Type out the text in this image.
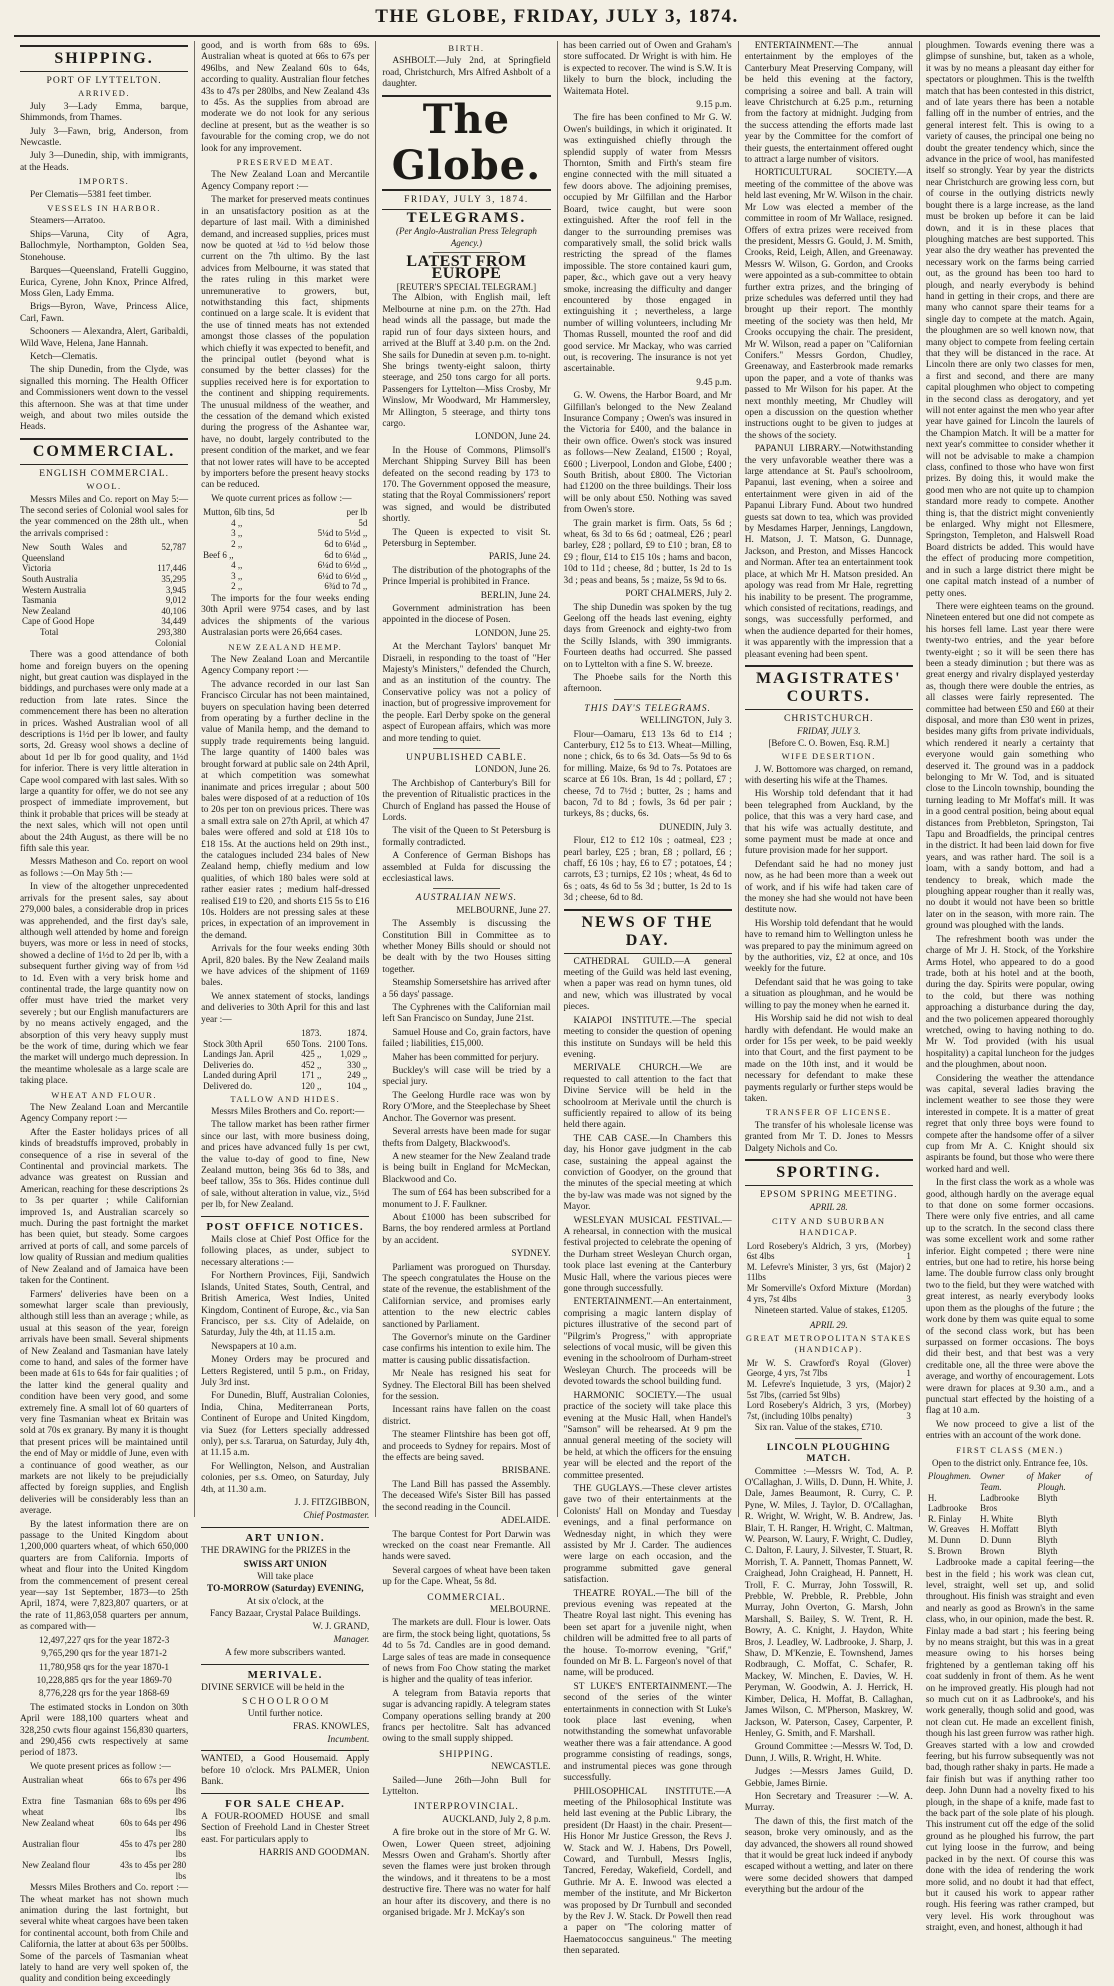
THE GLOBE, FRIDAY, JULY 3, 1874.
SHIPPING.
PORT OF LYTTELTON.
ARRIVED.

July 3—Lady Emma, barque, Shimmonds, from Thames.

July 3—Fawn, brig, Anderson, from Newcastle.

July 3—Dunedin, ship, with immigrants, at the Heads.

IMPORTS.

Per Clematis—5381 feet timber.

VESSELS IN HARBOR.

Steamers—Arratoo.

Ships—Varuna, City of Agra, Ballochmyle, Northampton, Golden Sea, Stonehouse.

Barques—Queensland, Fratelli Guggino, Eurica, Cyrene, John Knox, Prince Alfred, Moss Glen, Lady Emma.

Brigs—Byron, Wave, Princess Alice, Carl, Fawn.

Schooners — Alexandra, Alert, Garibaldi, Wild Wave, Helena, Jane Hannah.

Ketch—Clematis.

The ship Dunedin, from the Clyde, was signalled this morning. The Health Officer and Commissioners went down to the vessel this afternoon. She was at that time under weigh, and about two miles outside the Heads.

COMMERCIAL.
ENGLISH COMMERCIAL.
WOOL.

Messrs Miles and Co. report on May 5:—The second series of Colonial wool sales for the year commenced on the 28th ult., when the arrivals comprised :

New South Wales and Queensland	52,787
Victoria	117,446
South Australia	35,295
Western Australia	3,945
Tasmania	9,012
New Zealand	40,106
Cape of Good Hope	34,449
Total	293,380 Colonial

There was a good attendance of both home and foreign buyers on the opening night, but great caution was displayed in the biddings, and purchases were only made at a reduction from late rates. Since the commencement there has been no alteration in prices. Washed Australian wool of all descriptions is 1½d per lb lower, and faulty sorts, 2d. Greasy wool shows a decline of about 1d per lb for good quality, and 1½d for inferior. There is very little alteration in Cape wool compared with last sales. With so large a quantity for offer, we do not see any prospect of immediate improvement, but think it probable that prices will be steady at the next sales, which will not open until about the 24th August, as there will be no fifth sale this year.

Messrs Matheson and Co. report on wool as follows :—On May 5th :—

In view of the altogether unprecedented arrivals for the present sales, say about 279,000 bales, a considerable drop in prices was apprehended, and the first day's sale, although well attended by home and foreign buyers, was more or less in need of stocks, showed a decline of 1½d to 2d per lb, with a subsequent further giving way of from ½d to 1d. Even with a very brisk home and continental trade, the large quantity now on offer must have tried the market very severely ; but our English manufacturers are by no means actively engaged, and the absorption of this very heavy supply must be the work of time, during which we fear the market will undergo much depression. In the meantime wholesale as a large scale are taking place.

WHEAT AND FLOUR.

The New Zealand Loan and Mercantile Agency Company report :—

After the Easter holidays prices of all kinds of breadstuffs improved, probably in consequence of a rise in several of the Continental and provincial markets. The advance was greatest on Russian and American, reaching for these descriptions 2s to 3s per quarter ; while Californian improved 1s, and Australian scarcely so much. During the past fortnight the market has been quiet, but steady. Some cargoes arrived at ports of call, and some parcels of low quality of Russian and medium qualities of New Zealand and of Jamaica have been taken for the Continent.

Farmers' deliveries have been on a somewhat larger scale than previously, although still less than an average ; while, as usual at this season of the year, foreign arrivals have been small. Several shipments of New Zealand and Tasmanian have lately come to hand, and sales of the former have been made at 61s to 64s for fair qualities ; of the latter kind the general quality and condition have been very good, and some extremely fine. A small lot of 60 quarters of very fine Tasmanian wheat ex Britain was sold at 70s ex granary. By many it is thought that present prices will be maintained until the end of May or middle of June, even with a continuance of good weather, as our markets are not likely to be prejudicially affected by foreign supplies, and English deliveries will be considerably less than an average.

By the latest information there are on passage to the United Kingdom about 1,200,000 quarters wheat, of which 650,000 quarters are from California. Imports of wheat and flour into the United Kingdom from the commencement of present cereal year—say 1st September, 1873—to 25th April, 1874, were 7,823,807 quarters, or at the rate of 11,863,058 quarters per annum, as compared with—

12,497,227 qrs for the year 1872-3

9,765,290 qrs for the year 1871-2

11,780,958 qrs for the year 1870-1

10,228,885 qrs for the year 1869-70

8,776,228 qrs for the year 1868-69

The estimated stocks in London on 30th April were 188,100 quarters wheat and 328,250 cwts flour against 156,830 quarters, and 290,456 cwts respectively at same period of 1873.

We quote present prices as follow :—

Australian wheat	66s to 67s per 496 lbs
Extra fine Tasmanian wheat	68s to 69s per 496 lbs
New Zealand wheat	60s to 64s per 496 lbs
Australian flour	45s to 47s per 280 lbs
New Zealand flour	43s to 45s per 280 lbs

Messrs Miles Brothers and Co. report :— The wheat market has not shown much animation during the last fortnight, but several white wheat cargoes have been taken for continental account, both from Chile and California, the latter at about 63s per 500lbs. Some of the parcels of Tasmanian wheat lately to hand are very well spoken of, the quality and condition being exceedingly

good, and is worth from 68s to 69s. Australian wheat is quoted at 66s to 67s per 496lbs, and New Zealand 60s to 64s, according to quality. Australian flour fetches 43s to 47s per 280lbs, and New Zealand 43s to 45s. As the supplies from abroad are moderate we do not look for any serious decline at present, but as the weather is so favourable for the coming crop, we do not look for any improvement.

PRESERVED MEAT.

The New Zealand Loan and Mercantile Agency Company report :—

The market for preserved meats continues in an unsatisfactory position as at the departure of last mail. With a diminished demand, and increased supplies, prices must now be quoted at ¼d to ½d below those current on the 7th ultimo. By the last advices from Melbourne, it was stated that the rates ruling in this market were unremunerative to growers, but, notwithstanding this fact, shipments continued on a large scale. It is evident that the use of tinned meats has not extended amongst those classes of the population which chiefly it was expected to benefit, and the principal outlet (beyond what is consumed by the better classes) for the supplies received here is for exportation to the continent and shipping requirements. The unusual mildness of the weather, and the cessation of the demand which existed during the progress of the Ashantee war, have, no doubt, largely contributed to the present condition of the market, and we fear that not lower rates will have to be accepted by importers before the present heavy stocks can be reduced.

We quote current prices as follow :—

Mutton, 6lb tins, 5d	per lb
4 ,,	5d
3 ,,	5¼d to 5½d ,,
2 ,,	6d to 6¼d ,,
Beef 6 ,,	6d to 6¼d ,,
4 ,,	6¼d to 6½d ,,
3 ,,	6¼d to 6½d ,,
2 ,,	6¾d to 7d ,,

The imports for the four weeks ending 30th April were 9754 cases, and by last advices the shipments of the various Australasian ports were 26,664 cases.

NEW ZEALAND HEMP.

The New Zealand Loan and Mercantile Agency Company report :—

The advance recorded in our last San Francisco Circular has not been maintained, buyers on speculation having been deterred from operating by a further decline in the value of Manila hemp, and the demand to supply trade requirements being languid. The large quantity of 1400 bales was brought forward at public sale on 24th April, at which competition was somewhat inanimate and prices irregular ; about 500 bales were disposed of at a reduction of 10s to 20s per ton on previous prices. There was a small extra sale on 27th April, at which 47 bales were offered and sold at £18 10s to £18 15s. At the auctions held on 29th inst., the catalogues included 234 bales of New Zealand hemp, chiefly medium and low qualities, of which 180 bales were sold at rather easier rates ; medium half-dressed realised £19 to £20, and shorts £15 5s to £16 10s. Holders are not pressing sales at these prices, in expectation of an improvement in the demand.

Arrivals for the four weeks ending 30th April, 820 bales. By the New Zealand mails we have advices of the shipment of 1169 bales.

We annex statement of stocks, landings and deliveries to 30th April for this and last year :—

	1873.	1874.
Stock 30th April	650 Tons.	2100 Tons.
Landings Jan. April	425 ,,	1,029 ,,
Deliveries do.	452 ,,	330 ,,
Landed during April	171 ,,	249 ,,
Delivered do.	120 ,,	104 ,,
TALLOW AND HIDES.

Messrs Miles Brothers and Co. report:—

The tallow market has been rather firmer since our last, with more business doing, and prices have advanced fully 1s per cwt, the value to-day of good to fine, New Zealand mutton, being 36s 6d to 38s, and beef tallow, 35s to 36s. Hides continue dull of sale, without alteration in value, viz., 5½d per lb, for New Zealand.

POST OFFICE NOTICES.

Mails close at Chief Post Office for the following places, as under, subject to necessary alterations :—

For Northern Provinces, Fiji, Sandwich Islands, United States, South, Central, and British America, West Indies, United Kingdom, Continent of Europe, &c., via San Francisco, per s.s. City of Adelaide, on Saturday, July the 4th, at 11.15 a.m.

Newspapers at 10 a.m.

Money Orders may be procured and Letters Registered, until 5 p.m., on Friday, July 3rd inst.

For Dunedin, Bluff, Australian Colonies, India, China, Mediterranean Ports, Continent of Europe and United Kingdom, via Suez (for Letters specially addressed only), per s.s. Tararua, on Saturday, July 4th, at 11.15 a.m.

For Wellington, Nelson, and Australian colonies, per s.s. Omeo, on Saturday, July 4th, at 11.30 a.m.

J. J. FITZGIBBON,

Chief Postmaster.

ART UNION.

THE DRAWING for the PRIZES in the

SWISS ART UNION
Will take place
TO-MORROW (Saturday) EVENING,
At six o'clock, at the
Fancy Bazaar, Crystal Palace Buildings.

W. J. GRAND,

Manager.

A few more subscribers wanted.
MERIVALE.

DIVINE SERVICE will be held in the

S C H O O L R O O M
Until further notice.

FRAS. KNOWLES,

Incumbent.

WANTED, a Good Housemaid. Apply before 10 o'clock. Mrs PALMER, Union Bank.

FOR SALE CHEAP.

A FOUR-ROOMED HOUSE and small Section of Freehold Land in Chester Street east. For particulars apply to

HARRIS AND GOODMAN.

BIRTH.

ASHBOLT.—July 2nd, at Springfield road, Christchurch, Mrs Alfred Ashbolt of a daughter.

The Globe.
FRIDAY, JULY 3, 1874.
TELEGRAMS.
(Per Anglo-Australian Press Telegraph Agency.)
LATEST FROM EUROPE
[REUTER'S SPECIAL TELEGRAM.]

The Albion, with English mail, left Melbourne at nine p.m. on the 27th. Had head winds all the passage, but made the rapid run of four days sixteen hours, and arrived at the Bluff at 3.40 p.m. on the 2nd. She sails for Dunedin at seven p.m. to-night. She brings twenty-eight saloon, thirty steerage, and 250 tons cargo for all ports. Passengers for Lyttelton—Miss Crosby, Mr Winslow, Mr Woodward, Mr Hammersley, Mr Allington, 5 steerage, and thirty tons cargo.

LONDON, June 24.

In the House of Commons, Plimsoll's Merchant Shipping Survey Bill has been defeated on the second reading by 173 to 170. The Government opposed the measure, stating that the Royal Commissioners' report was signed, and would be distributed shortly.

The Queen is expected to visit St. Petersburg in September.

PARIS, June 24.

The distribution of the photographs of the Prince Imperial is prohibited in France.

BERLIN, June 24.

Government administration has been appointed in the diocese of Posen.

LONDON, June 25.

At the Merchant Taylors' banquet Mr Disraeli, in responding to the toast of "Her Majesty's Ministers," defended the Church, and as an institution of the country. The Conservative policy was not a policy of inaction, but of progressive improvement for the people. Earl Derby spoke on the general aspect of European affairs, which was more and more tending to quiet.

UNPUBLISHED CABLE.

LONDON, June 26.

The Archbishop of Canterbury's Bill for the prevention of Ritualistic practices in the Church of England has passed the House of Lords.

The visit of the Queen to St Petersburg is formally contradicted.

A Conference of German Bishops has assembled at Fulda for discussing the ecclesiastical laws.

AUSTRALIAN NEWS.

MELBOURNE, June 27.

The Assembly is discussing the Constitution Bill in Committee as to whether Money Bills should or should not be dealt with by the two Houses sitting together.

Steamship Somersetshire has arrived after a 56 days' passage.

The Cyphrenes with the Californian mail left San Francisco on Sunday, June 21st.

Samuel House and Co, grain factors, have failed ; liabilities, £15,000.

Maher has been committed for perjury.

Buckley's will case will be tried by a special jury.

The Geelong Hurdle race was won by Rory O'More, and the Steeplechase by Sheet Anchor. The Governor was present.

Several arrests have been made for sugar thefts from Dalgety, Blackwood's.

A new steamer for the New Zealand trade is being built in England for McMeckan, Blackwood and Co.

The sum of £64 has been subscribed for a monument to J. F. Faulkner.

About £1000 has been subscribed for Barns, the boy rendered armless at Portland by an accident.

SYDNEY.

Parliament was prorogued on Thursday. The speech congratulates the House on the state of the revenue, the establishment of the Californian service, and promises early attention to the new electric cables sanctioned by Parliament.

The Governor's minute on the Gardiner case confirms his intention to exile him. The matter is causing public dissatisfaction.

Mr Neale has resigned his seat for Sydney. The Electoral Bill has been shelved for the session.

Incessant rains have fallen on the coast district.

The steamer Flintshire has been got off, and proceeds to Sydney for repairs. Most of the effects are being saved.

BRISBANE.

The Land Bill has passed the Assembly. The deceased Wife's Sister Bill has passed the second reading in the Council.

ADELAIDE.

The barque Contest for Port Darwin was wrecked on the coast near Fremantle. All hands were saved.

Several cargoes of wheat have been taken up for the Cape. Wheat, 5s 8d.

COMMERCIAL.

MELBOURNE.

The markets are dull. Flour is lower. Oats are firm, the stock being light, quotations, 5s 4d to 5s 7d. Candles are in good demand. Large sales of teas are made in consequence of news from Foo Chow stating the market is higher and the quality of teas inferior.

A telegram from Batavia reports that sugar is advancing rapidly. A telegram states Company operations selling brandy at 200 francs per hectolitre. Salt has advanced owing to the small supply shipped.

SHIPPING.

NEWCASTLE.

Sailed—June 26th—John Bull for Lyttelton.

INTERPROVINCIAL.

AUCKLAND, July 2, 8 p.m.

A fire broke out in the store of Mr G. W. Owen, Lower Queen street, adjoining Messrs Owen and Graham's. Shortly after seven the flames were just broken through the windows, and it threatens to be a most destructive fire. There was no water for half an hour after its discovery, and there is no organised brigade. Mr J. McKay's son

has been carried out of Owen and Graham's store suffocated. Dr Wright is with him. He is expected to recover. The wind is S.W. It is likely to burn the block, including the Waitemata Hotel.

9.15 p.m.

The fire has been confined to Mr G. W. Owen's buildings, in which it originated. It was extinguished chiefly through the splendid supply of water from Messrs Thornton, Smith and Firth's steam fire engine connected with the mill situated a few doors above. The adjoining premises, occupied by Mr Gilfillan and the Harbor Board, twice caught, but were soon extinguished. After the roof fell in the danger to the surrounding premises was comparatively small, the solid brick walls restricting the spread of the flames impossible. The store contained kauri gum, paper, &c., which gave out a very heavy smoke, increasing the difficulty and danger encountered by those engaged in extinguishing it ; nevertheless, a large number of willing volunteers, including Mr Thomas Russell, mounted the roof and did good service. Mr Mackay, who was carried out, is recovering. The insurance is not yet ascertainable.

9.45 p.m.

G. W. Owens, the Harbor Board, and Mr Gilfillan's belonged to the New Zealand Insurance Company ; Owen's was insured in the Victoria for £400, and the balance in their own office. Owen's stock was insured as follows—New Zealand, £1500 ; Royal, £600 ; Liverpool, London and Globe, £400 ; South British, about £800. The Victorian had £1200 on the three buildings. Their loss will be only about £50. Nothing was saved from Owen's store.

The grain market is firm. Oats, 5s 6d ; wheat, 6s 3d to 6s 6d ; oatmeal, £26 ; pearl barley, £28 ; pollard, £9 to £10 ; bran, £8 to £9 ; flour, £14 to £15 10s ; hams and bacon, 10d to 11d ; cheese, 8d ; butter, 1s 2d to 1s 3d ; peas and beans, 5s ; maize, 5s 9d to 6s.

PORT CHALMERS, July 2.

The ship Dunedin was spoken by the tug Geelong off the heads last evening, eighty days from Greenock and eighty-two from the Scilly Islands, with 390 immigrants. Fourteen deaths had occurred. She passed on to Lyttelton with a fine S. W. breeze.

The Phoebe sails for the North this afternoon.

THIS DAY'S TELEGRAMS.

WELLINGTON, July 3.

Flour—Oamaru, £13 13s 6d to £14 ; Canterbury, £12 5s to £13. Wheat—Milling, none ; chick, 6s to 6s 3d. Oats—5s 9d to 6s for milling. Maize, 6s 9d to 7s. Potatoes are scarce at £6 10s. Bran, 1s 4d ; pollard, £7 ; cheese, 7d to 7½d ; butter, 2s ; hams and bacon, 7d to 8d ; fowls, 3s 6d per pair ; turkeys, 8s ; ducks, 6s.

DUNEDIN, July 3.

Flour, £12 to £12 10s ; oatmeal, £23 ; pearl barley, £25 ; bran, £8 ; pollard, £6 ; chaff, £6 10s ; hay, £6 to £7 ; potatoes, £4 ; carrots, £3 ; turnips, £2 10s ; wheat, 4s 6d to 6s ; oats, 4s 6d to 5s 3d ; butter, 1s 2d to 1s 3d ; cheese, 6d to 8d.

NEWS OF THE DAY.

CATHEDRAL GUILD.—A general meeting of the Guild was held last evening, when a paper was read on hymn tunes, old and new, which was illustrated by vocal pieces.

KAIAPOI INSTITUTE.—The special meeting to consider the question of opening this institute on Sundays will be held this evening.

MERIVALE CHURCH.—We are requested to call attention to the fact that Divine Service will be held in the schoolroom at Merivale until the church is sufficiently repaired to allow of its being held there again.

THE CAB CASE.—In Chambers this day, his Honor gave judgment in the cab case, sustaining the appeal against the conviction of Goodyer, on the ground that the minutes of the special meeting at which the by-law was made was not signed by the Mayor.

WESLEYAN MUSICAL FESTIVAL.—A rehearsal, in connection with the musical festival projected to celebrate the opening of the Durham street Wesleyan Church organ, took place last evening at the Canterbury Music Hall, where the various pieces were gone through successfully.

ENTERTAINMENT.—An entertainment, comprising a magic lantern display of pictures illustrative of the second part of "Pilgrim's Progress," with appropriate selections of vocal music, will be given this evening in the schoolroom of Durham-street Wesleyan Church. The proceeds will be devoted towards the school building fund.

HARMONIC SOCIETY.—The usual practice of the society will take place this evening at the Music Hall, when Handel's "Samson" will be rehearsed. At 9 pm the annual general meeting of the society will be held, at which the officers for the ensuing year will be elected and the report of the committee presented.

THE GUGLAYS.—These clever artistes gave two of their entertainments at the Colonists' Hall on Monday and Tuesday evenings, and a final performance on Wednesday night, in which they were assisted by Mr J. Carder. The audiences were large on each occasion, and the programme submitted gave general satisfaction.

THEATRE ROYAL.—The bill of the previous evening was repeated at the Theatre Royal last night. This evening has been set apart for a juvenile night, when children will be admitted free to all parts of the house. To-morrow evening, "Grif," founded on Mr B. L. Fargeon's novel of that name, will be produced.

ST LUKE'S ENTERTAINMENT.—The second of the series of the winter entertainments in connection with St Luke's took place last evening, when notwithstanding the somewhat unfavorable weather there was a fair attendance. A good programme consisting of readings, songs, and instrumental pieces was gone through successfully.

PHILOSOPHICAL INSTITUTE.—A meeting of the Philosophical Institute was held last evening at the Public Library, the president (Dr Haast) in the chair. Present—His Honor Mr Justice Gresson, the Revs J. W. Stack and W. J. Habens, Drs Powell, Coward, and Turnbull, Messrs Inglis, Tancred, Fereday, Wakefield, Cordell, and Guthrie. Mr A. E. Inwood was elected a member of the institute, and Mr Bickerton was proposed by Dr Turnbull and seconded by the Rev J. W. Stack. Dr Powell then read a paper on "The coloring matter of Haematococcus sanguineus." The meeting then separated.

ENTERTAINMENT.—The annual entertainment by the employes of the Canterbury Meat Preserving Company, will be held this evening at the factory, comprising a soiree and ball. A train will leave Christchurch at 6.25 p.m., returning from the factory at midnight. Judging from the success attending the efforts made last year by the Committee for the comfort of their guests, the entertainment offered ought to attract a large number of visitors.

HORTICULTURAL SOCIETY.—A meeting of the committee of the above was held last evening, Mr W. Wilson in the chair. Mr Low was elected a member of the committee in room of Mr Wallace, resigned. Offers of extra prizes were received from the president, Messrs G. Gould, J. M. Smith, Crooks, Reid, Leigh, Allen, and Greenaway. Messrs W. Wilson, G. Gordon, and Crooks were appointed as a sub-committee to obtain further extra prizes, and the bringing of prize schedules was deferred until they had brought up their report. The monthly meeting of the society was then held, Mr Crooks occupying the chair. The president, Mr W. Wilson, read a paper on "Californian Conifers." Messrs Gordon, Chudley, Greenaway, and Easterbrook made remarks upon the paper, and a vote of thanks was passed to Mr Wilson for his paper. At the next monthly meeting, Mr Chudley will open a discussion on the question whether instructions ought to be given to judges at the shows of the society.

PAPANUI LIBRARY.—Notwithstanding the very unfavorable weather there was a large attendance at St. Paul's schoolroom, Papanui, last evening, when a soiree and entertainment were given in aid of the Papanui Library Fund. About two hundred guests sat down to tea, which was provided by Mesdames Harper, Jennings, Langdown, H. Matson, J. T. Matson, G. Dunnage, Jackson, and Preston, and Misses Hancock and Norman. After tea an entertainment took place, at which Mr H. Matson presided. An apology was read from Mr Hale, regretting his inability to be present. The programme, which consisted of recitations, readings, and songs, was successfully performed, and when the audience departed for their homes, it was apparently with the impression that a pleasant evening had been spent.

MAGISTRATES' COURTS.
CHRISTCHURCH.
FRIDAY, JULY 3.
[Before C. O. Bowen, Esq. R.M.]
WIFE DESERTION.

J. W. Bottomore was charged, on remand, with deserting his wife at the Thames.

His Worship told defendant that it had been telegraphed from Auckland, by the police, that this was a very hard case, and that his wife was actually destitute, and some payment must be made at once and future provision made for her support.

Defendant said he had no money just now, as he had been more than a week out of work, and if his wife had taken care of the money she had she would not have been destitute now.

His Worship told defendant that he would have to remand him to Wellington unless he was prepared to pay the minimum agreed on by the authorities, viz, £2 at once, and 10s weekly for the future.

Defendant said that he was going to take a situation as ploughman, and he would be willing to pay the money when he earned it.

His Worship said he did not wish to deal hardly with defendant. He would make an order for 15s per week, to be paid weekly into that Court, and the first payment to be made on the 10th inst, and it would be necessary for defendant to make these payments regularly or further steps would be taken.

TRANSFER OF LICENSE.

The transfer of his wholesale license was granted from Mr T. D. Jones to Messrs Dalgety Nichols and Co.

SPORTING.
EPSOM SPRING MEETING.
APRIL 28.
CITY AND SUBURBAN HANDICAP.
Lord Rosebery's Aldrich, 3 yrs, 6st 4lbs	(Morbey) 1
M. Lefevre's Minister, 3 yrs, 6st 11lbs	(Major) 2
Mr Somerville's Oxford Mixture 4 yrs, 7st 4lbs	(Mordan) 3

Nineteen started. Value of stakes, £1205.

APRIL 29.
GREAT METROPOLITAN STAKES (HANDICAP).
Mr W. S. Crawford's Royal George, 4 yrs, 7st 7lbs	(Glover) 1
M. Lefevre's Inquietude, 3 yrs, 5st 7lbs, (carried 5st 9lbs)	(Major) 2
Lord Rosebery's Aldrich, 3 yrs, 7st, (including 10lbs penalty)	(Morbey) 3

Six ran. Value of the stakes, £710.

LINCOLN PLOUGHING MATCH.

Committee :—Messrs W. Tod, A. P. O'Callaghan, J. Wills, D. Dunn, H. White, J. Dale, James Beaumont, R. Curry, C. P. Pyne, W. Miles, J. Taylor, D. O'Callaghan, R. Wright, W. Wright, W. B. Andrew, Jas. Blair, T. H. Ranger, H. Wright, C. Maltman, W. Pearson, W. Laury, F. Wright, C. Dudley, C. Dalton, F. Laury, J. Silvester, T. Stuart, R. Morrish, T. A. Pannett, Thomas Pannett, W. Craighead, John Craighead, H. Pannett, H. Troll, F. C. Murray, John Tosswill, R. Prebble, W. Prebble, R. Prebble, John Murray, John Overton, G. Marsh, John Marshall, S. Bailey, S. W. Trent, R. H. Bowry, A. C. Knight, J. Haydon, White Bros, J. Leadley, W. Ladbrooke, J. Sharp, J. Shaw, D. M'Kenzie, E. Townshend, James Rodbraugh, C. Moffat, C. Schafer, R. Mackey, W. Minchen, E. Davies, W. H. Peryman, W. Goodwin, A. J. Herrick, H. Kimber, Delica, H. Moffat, B. Callaghan, James Wilson, C. M'Pherson, Maskrey, W. Jackson, W. Paterson, Casey, Carpenter, P. Henley, G. Smith, and F. Marshall.

Ground Committee :—Messrs W. Tod, D. Dunn, J. Wills, R. Wright, H. White.

Judges :—Messrs James Guild, D. Gebbie, James Birnie.

Hon Secretary and Treasurer :—W. A. Murray.

The dawn of this, the first match of the season, broke very ominously, and as the day advanced, the showers all round showed that it would be great luck indeed if anybody escaped without a wetting, and later on there were some decided showers that damped everything but the ardour of the

ploughmen. Towards evening there was a glimpse of sunshine, but, taken as a whole, it was by no means a pleasant day either for spectators or ploughmen. This is the twelfth match that has been contested in this district, and of late years there has been a notable falling off in the number of entries, and the general interest felt. This is owing to a variety of causes, the principal one being no doubt the greater tendency which, since the advance in the price of wool, has manifested itself so strongly. Year by year the districts near Christchurch are growing less corn, but of course in the outlying districts newly bought there is a large increase, as the land must be broken up before it can be laid down, and it is in these places that ploughing matches are best supported. This year also the dry weather has prevented the necessary work on the farms being carried out, as the ground has been too hard to plough, and nearly everybody is behind hand in getting in their crops, and there are many who cannot spare their teams for a single day to compete at the match. Again, the ploughmen are so well known now, that many object to compete from feeling certain that they will be distanced in the race. At Lincoln there are only two classes for men, a first and second, and there are many capital ploughmen who object to competing in the second class as derogatory, and yet will not enter against the men who year after year have gained for Lincoln the laurels of the Champion Match. It will be a matter for next year's committee to consider whether it will not be advisable to make a champion class, confined to those who have won first prizes. By doing this, it would make the good men who are not quite up to champion standard more ready to compete. Another thing is, that the district might conveniently be enlarged. Why might not Ellesmere, Springston, Templeton, and Halswell Road Board districts be added. This would have the effect of producing more competition, and in such a large district there might be one capital match instead of a number of petty ones.

There were eighteen teams on the ground. Nineteen entered but one did not compete as his horses fell lame. Last year there were twenty-two entries, and the year before twenty-eight ; so it will be seen there has been a steady diminution ; but there was as great energy and rivalry displayed yesterday as, though there were double the entries, as all classes were fairly represented. The committee had between £50 and £60 at their disposal, and more than £30 went in prizes, besides many gifts from private individuals, which rendered it nearly a certainty that everyone would gain something who deserved it. The ground was in a paddock belonging to Mr W. Tod, and is situated close to the Lincoln township, bounding the turning leading to Mr Moffat's mill. It was in a good central position, being about equal distances from Prebbleton, Springston, Tai Tapu and Broadfields, the principal centres in the district. It had been laid down for five years, and was rather hard. The soil is a loam, with a sandy bottom, and had a tendency to break, which made the ploughing appear rougher than it really was, no doubt it would not have been so brittle later on in the season, with more rain. The ground was ploughed with the lands.

The refreshment booth was under the charge of Mr J. H. Stock, of the Yorkshire Arms Hotel, who appeared to do a good trade, both at his hotel and at the booth, during the day. Spirits were popular, owing to the cold, but there was nothing approaching a disturbance during the day, and the two policemen appeared thoroughly wretched, owing to having nothing to do. Mr W. Tod provided (with his usual hospitality) a capital luncheon for the judges and the ploughmen, about noon.

Considering the weather the attendance was capital, several ladies braving the inclement weather to see those they were interested in compete. It is a matter of great regret that only three boys were found to compete after the handsome offer of a silver cup from Mr A. C. Knight should six aspirants be found, but those who were there worked hard and well.

In the first class the work as a whole was good, although hardly on the average equal to that done on some former occasions. There were only five entries, and all came up to the scratch. In the second class there was some excellent work and some rather inferior. Eight competed ; there were nine entries, but one had to retire, his horse being lame. The double furrow class only brought two to the field, but they were watched with great interest, as nearly everybody looks upon them as the ploughs of the future ; the work done by them was quite equal to some of the second class work, but has been surpassed on former occasions. The boys did their best, and that best was a very creditable one, all the three were above the average, and worthy of encouragement. Lots were drawn for places at 9.30 a.m., and a punctual start effected by the hoisting of a flag at 10 a.m.

We now proceed to give a list of the entries with an account of the work done.

FIRST CLASS (MEN.)
Open to the district only. Entrance fee, 10s.
Ploughmen.	Owner of Team.	Maker of Plough.
H. Ladbrooke	Ladbrooke Bros	Blyth
R. Finlay	H. White	Blyth
W. Greaves	H. Moffatt	Blyth
M. Dunn	D. Dunn	Blyth
S. Brown	Brown	Blyth

Ladbrooke made a capital feering—the best in the field ; his work was clean cut, level, straight, well set up, and solid throughout. His finish was straight and even and nearly as good as Brown's in the same class, who, in our opinion, made the best. R. Finlay made a bad start ; his feering being by no means straight, but this was in a great measure owing to his horses being frightened by a gentleman taking off his coat suddenly in front of them. As he went on he improved greatly. His plough had not so much cut on it as Ladbrooke's, and his work generally, though solid and good, was not clean cut. He made an excellent finish, though his last green furrow was rather high. Greaves started with a low and crowded feering, but his furrow subsequently was not bad, though rather shaky in parts. He made a fair finish but was if anything rather too deep. John Dunn had a novelty fixed to his plough, in the shape of a knife, made fast to the back part of the sole plate of his plough. This instrument cut off the edge of the solid ground as he ploughed his furrow, the part cut lying loose in the furrow, and being packed in by the next. Of course this was done with the idea of rendering the work more solid, and no doubt it had that effect, but it caused his work to appear rather rough. His feering was rather cramped, but very level. His work throughout was straight, even, and honest, although it had
